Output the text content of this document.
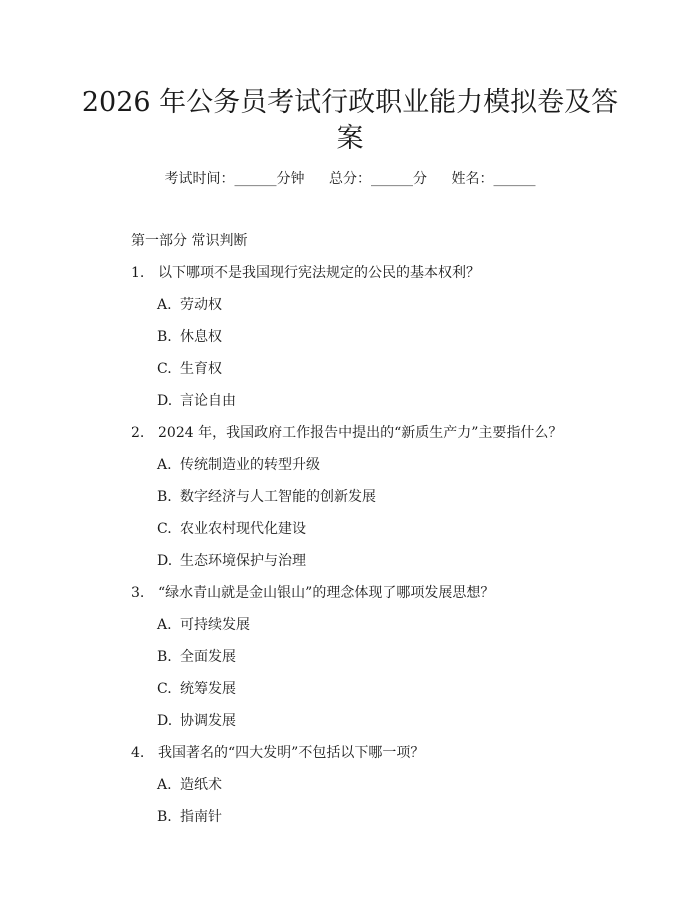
2026 年公务员考试行政职业能力模拟卷及答
案
考试时间：______分钟 总分：______分 姓名：______
第一部分 常识判断
1. 以下哪项不是我国现行宪法规定的公民的基本权利？
A. 劳动权
B. 休息权
C. 生育权
D. 言论自由
2. 2024 年，我国政府工作报告中提出的“新质生产力”主要指什么？
A. 传统制造业的转型升级
B. 数字经济与人工智能的创新发展
C. 农业农村现代化建设
D. 生态环境保护与治理
3. “绿水青山就是金山银山”的理念体现了哪项发展思想？
A. 可持续发展
B. 全面发展
C. 统筹发展
D. 协调发展
4. 我国著名的“四大发明”不包括以下哪一项？
A. 造纸术
B. 指南针
